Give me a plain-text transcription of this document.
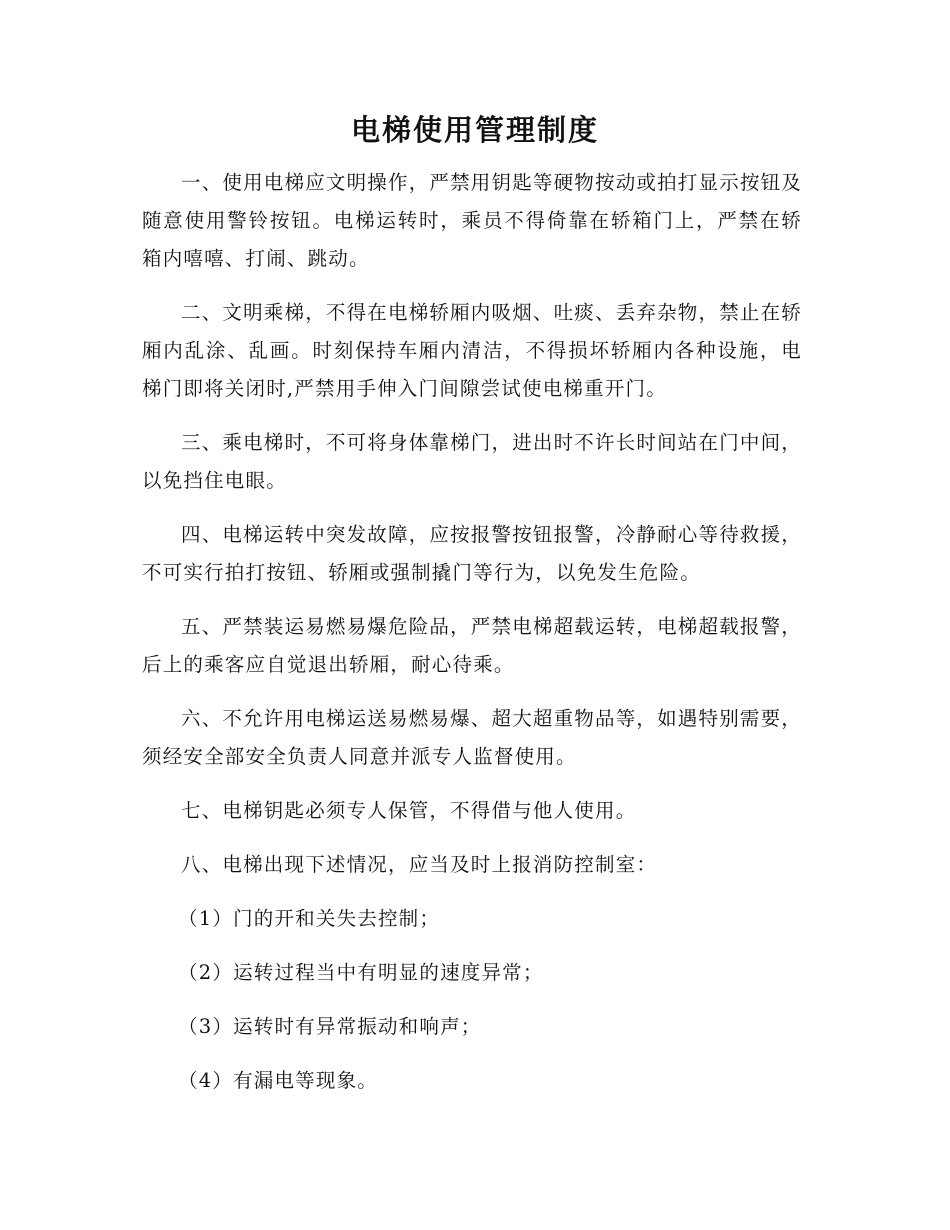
电梯使用管理制度

一、使用电梯应文明操作，严禁用钥匙等硬物按动或拍打显示按钮及随意使用警铃按钮。电梯运转时，乘员不得倚靠在轿箱门上，严禁在轿箱内嘻嘻、打闹、跳动。

二、文明乘梯，不得在电梯轿厢内吸烟、吐痰、丢弃杂物，禁止在轿厢内乱涂、乱画。时刻保持车厢内清洁，不得损坏轿厢内各种设施，电梯门即将关闭时,严禁用手伸入门间隙尝试使电梯重开门。

三、乘电梯时，不可将身体靠梯门，进出时不许长时间站在门中间，以免挡住电眼。

四、电梯运转中突发故障，应按报警按钮报警，冷静耐心等待救援，不可实行拍打按钮、轿厢或强制撬门等行为，以免发生危险。

五、严禁装运易燃易爆危险品，严禁电梯超载运转，电梯超载报警，后上的乘客应自觉退出轿厢，耐心待乘。

六、不允许用电梯运送易燃易爆、超大超重物品等，如遇特别需要， 须经安全部安全负责人同意并派专人监督使用。

七、电梯钥匙必须专人保管，不得借与他人使用。

八、电梯出现下述情况，应当及时上报消防控制室：

（1）门的开和关失去控制；

（2）运转过程当中有明显的速度异常；

（3）运转时有异常振动和响声；

（4）有漏电等现象。
